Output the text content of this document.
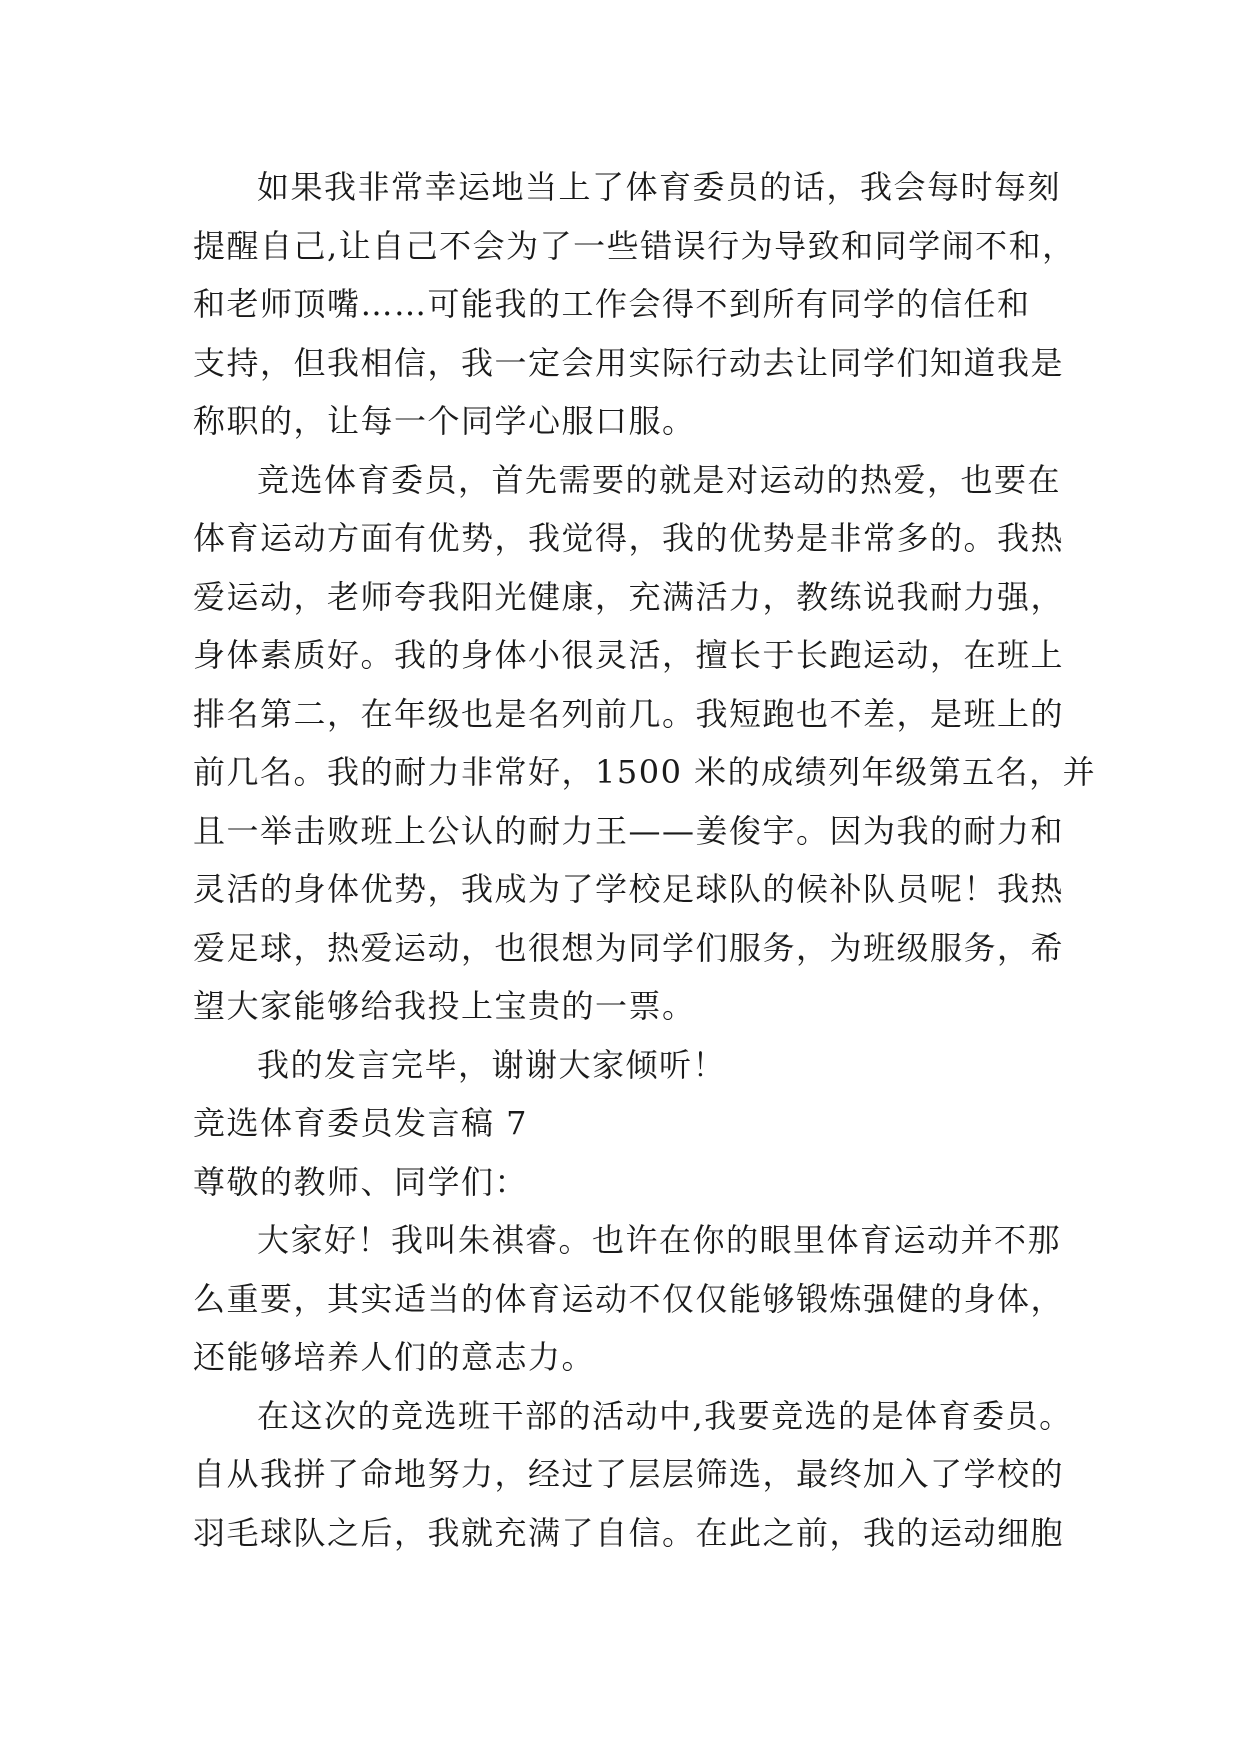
如果我非常幸运地当上了体育委员的话，我会每时每刻
提醒自己,让自己不会为了一些错误行为导致和同学闹不和，
和老师顶嘴……可能我的工作会得不到所有同学的信任和
支持，但我相信，我一定会用实际行动去让同学们知道我是
称职的，让每一个同学心服口服。
竞选体育委员，首先需要的就是对运动的热爱，也要在
体育运动方面有优势，我觉得，我的优势是非常多的。我热
爱运动，老师夸我阳光健康，充满活力，教练说我耐力强，
身体素质好。我的身体小很灵活，擅长于长跑运动，在班上
排名第二，在年级也是名列前几。我短跑也不差，是班上的
前几名。我的耐力非常好，1500 米的成绩列年级第五名，并
且一举击败班上公认的耐力王——姜俊宇。因为我的耐力和
灵活的身体优势，我成为了学校足球队的候补队员呢！我热
爱足球，热爱运动，也很想为同学们服务，为班级服务，希
望大家能够给我投上宝贵的一票。
我的发言完毕，谢谢大家倾听！
竞选体育委员发言稿 7
尊敬的教师、同学们：
大家好！我叫朱祺睿。也许在你的眼里体育运动并不那
么重要，其实适当的体育运动不仅仅能够锻炼强健的身体，
还能够培养人们的意志力。
在这次的竞选班干部的活动中,我要竞选的是体育委员。
自从我拼了命地努力，经过了层层筛选，最终加入了学校的
羽毛球队之后，我就充满了自信。在此之前，我的运动细胞
